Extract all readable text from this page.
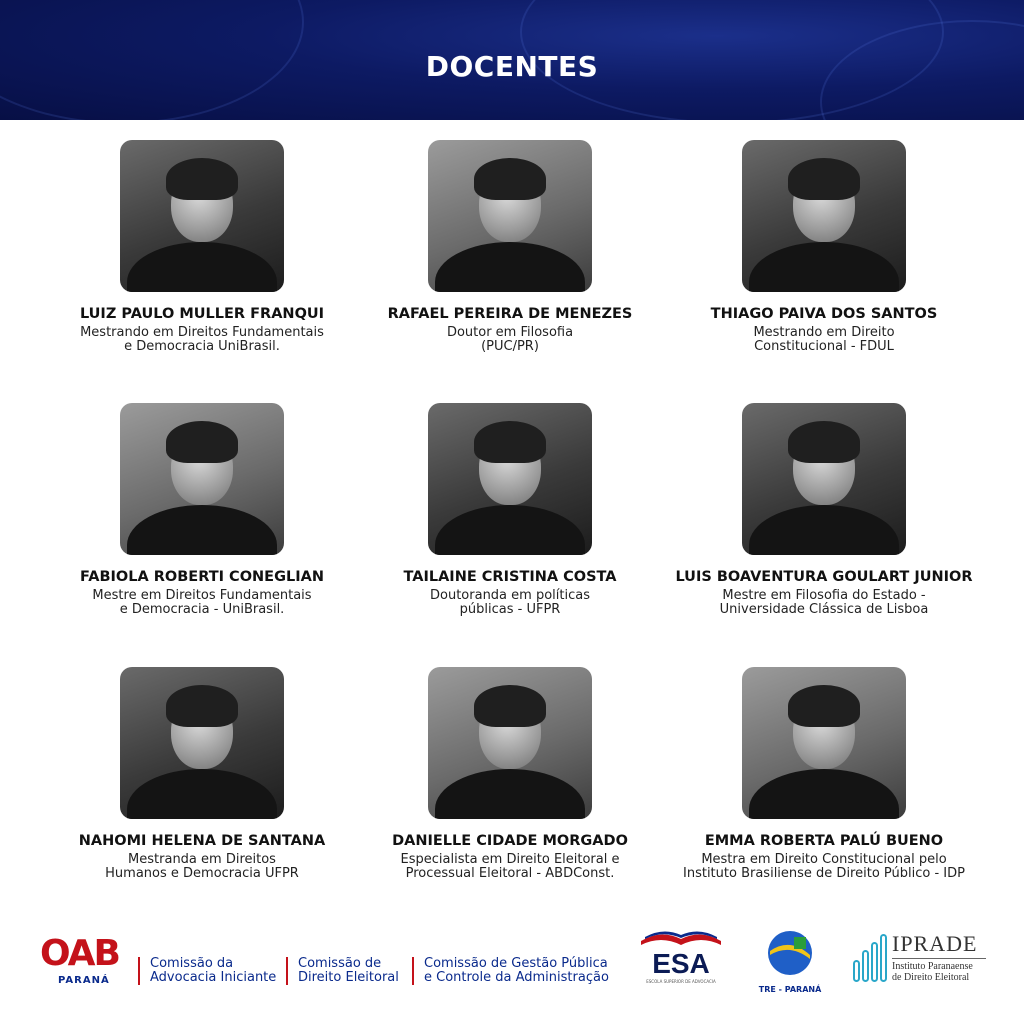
DOCENTES
LUIZ PAULO MULLER FRANQUI
Mestrando em Direitos Fundamentais
e Democracia UniBrasil.
RAFAEL PEREIRA DE MENEZES
Doutor em Filosofia
(PUC/PR)
THIAGO PAIVA DOS SANTOS
Mestrando em Direito
Constitucional - FDUL
FABIOLA ROBERTI CONEGLIAN
Mestre em Direitos Fundamentais
e Democracia - UniBrasil.
TAILAINE CRISTINA COSTA
Doutoranda em políticas
públicas - UFPR
LUIS BOAVENTURA GOULART JUNIOR
Mestre em Filosofia do Estado -
Universidade Clássica de Lisboa
NAHOMI HELENA DE SANTANA
Mestranda em Direitos
Humanos e Democracia UFPR
DANIELLE CIDADE MORGADO
Especialista em Direito Eleitoral e
Processual Eleitoral - ABDConst.
EMMA ROBERTA PALÚ BUENO
Mestra em Direito Constitucional pelo
Instituto Brasiliense de Direito Público - IDP
OAB
PARANÁ
Comissão da
Advocacia Iniciante
Comissão de
Direito Eleitoral
Comissão de Gestão Pública
e Controle da Administração	ESA
ESCOLA SUPERIOR DE ADVOCACIA
TRE - PARANÁ
IPRADE
Instituto Paranaense
de Direito Eleitoral
